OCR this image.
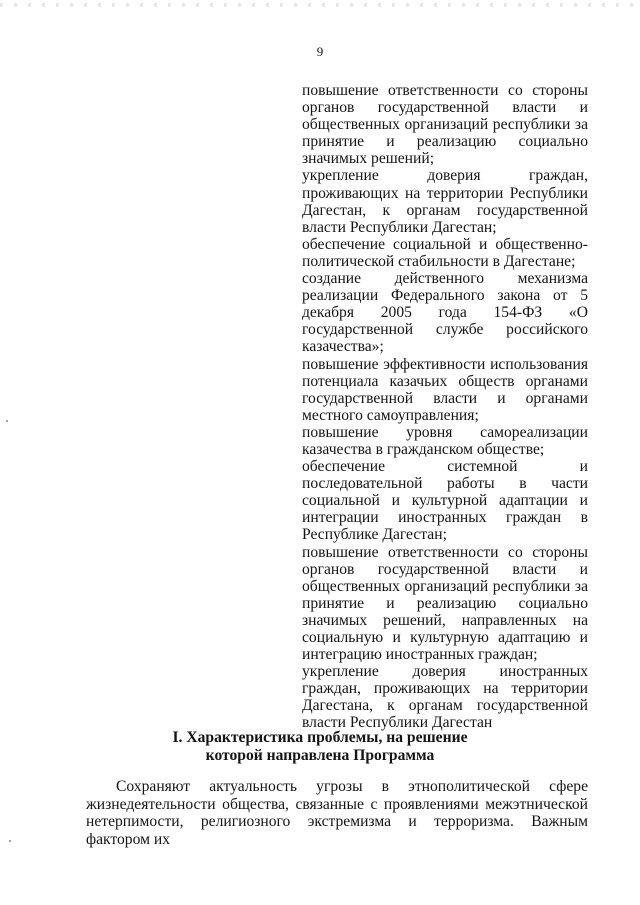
9

повышение ответственности со стороны органов государственной власти и общественных организаций республики за принятие и реализацию социально значимых решений;

укрепление доверия граждан, проживающих на территории Республики Дагестан, к органам государственной власти Республики Дагестан;

обеспечение социальной и общественно-политической стабильности в Дагестане;

создание действенного механизма реализации Федерального закона от 5 декабря 2005 года 154-ФЗ «О государственной службе российского казачества»;

повышение эффективности использования потенциала казачьих обществ органами государственной власти и органами местного самоуправления;

повышение уровня самореализации казачества в гражданском обществе;

обеспечение системной и последовательной работы в части социальной и культурной адаптации и интеграции иностранных граждан в Республике Дагестан;

повышение ответственности со стороны органов государственной власти и общественных организаций республики за принятие и реализацию социально значимых решений, направленных на социальную и культурную адаптацию и интеграцию иностранных граждан;

укрепление доверия иностранных граждан, проживающих на территории Дагестана, к органам государственной власти Республики Дагестан

I. Характеристика проблемы, на решение
которой направлена Программа

Сохраняют актуальность угрозы в этнополитической сфере жизнедеятельности общества, связанные с проявлениями межэтнической нетерпимости, религиозного экстремизма и терроризма. Важным фактором их
